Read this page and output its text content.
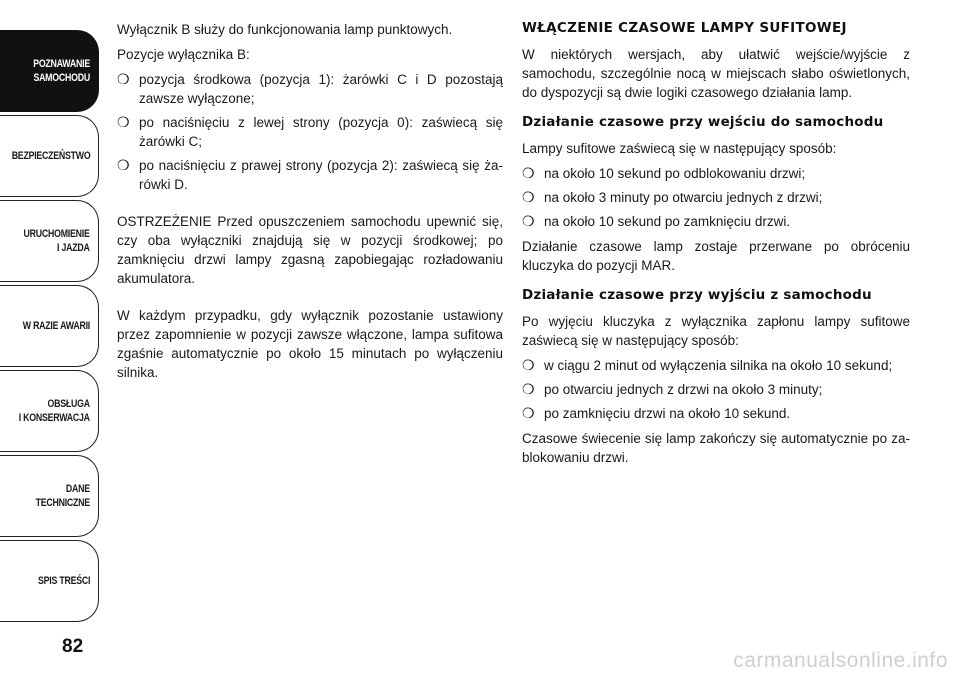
POZNAWANIE
SAMOCHODU
BEZPIECZEŃSTWO
URUCHOMIENIE
I JAZDA
W RAZIE AWARII
OBSŁUGA
I KONSERWACJA
DANE
TECHNICZNE
SPIS TREŚCI
82

Wyłącznik B służy do funkcjonowania lamp punktowych.

Pozycje wyłącznika B:

❍ pozycja środkowa (pozycja 1): żarówki C i D pozostają zawsze wyłączone;
❍ po naciśnięciu z lewej strony (pozycja 0): zaświecą się żarówki C;
❍ po naciśnięciu z prawej strony (pozycja 2): zaświecą się ża-rówki D.

OSTRZEŻENIE Przed opuszczeniem samochodu upewnić się, czy oba wyłączniki znajdują się w pozycji środkowej; po zamknięciu drzwi lampy zgasną zapobiegając rozładowaniu akumulatora.

W każdym przypadku, gdy wyłącznik pozostanie ustawiony przez zapomnienie w pozycji zawsze włączone, lampa sufitowa zgaśnie automatycznie po około 15 minutach po wyłączeniu silnika.

WŁĄCZENIE CZASOWE LAMPY SUFITOWEJ

W niektórych wersjach, aby ułatwić wejście/wyjście z samochodu, szczególnie nocą w miejscach słabo oświetlonych, do dyspozycji są dwie logiki czasowego działania lamp.

Działanie czasowe przy wejściu do samochodu

Lampy sufitowe zaświecą się w następujący sposób:

❍ na około 10 sekund po odblokowaniu drzwi;
❍ na około 3 minuty po otwarciu jednych z drzwi;
❍ na około 10 sekund po zamknięciu drzwi.

Działanie czasowe lamp zostaje przerwane po obróceniu kluczyka do pozycji MAR.

Działanie czasowe przy wyjściu z samochodu

Po wyjęciu kluczyka z wyłącznika zapłonu lampy sufitowe zaświecą się w następujący sposób:

❍ w ciągu 2 minut od wyłączenia silnika na około 10 sekund;
❍ po otwarciu jednych z drzwi na około 3 minuty;
❍ po zamknięciu drzwi na około 10 sekund.

Czasowe świecenie się lamp zakończy się automatycznie po za-blokowaniu drzwi.

carmanualsonline.info
